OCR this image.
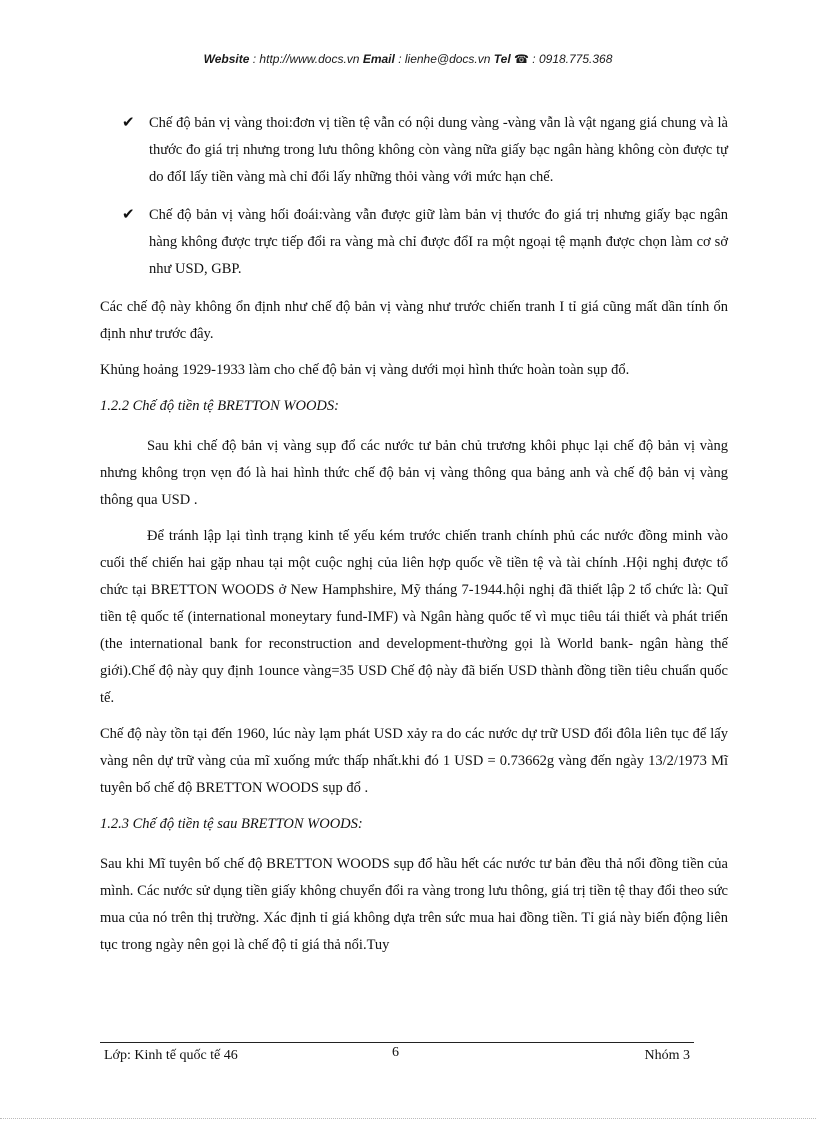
Website : http://www.docs.vn Email : lienhe@docs.vn Tel ☎ : 0918.775.368
✔ Chế độ bản vị vàng thoi:đơn vị tiền tệ vẫn có nội dung vàng -vàng vẫn là vật ngang giá chung và là thước đo giá trị nhưng trong lưu thông không còn vàng nữa giấy bạc ngân hàng không còn được tự do đổI lấy tiền vàng mà chỉ đổi lấy những thỏi vàng với mức hạn chế.

✔ Chế độ bản vị vàng hối đoái:vàng vẫn được giữ làm bản vị thước đo giá trị nhưng giấy bạc ngân hàng không được trực tiếp đổi ra vàng mà chỉ được đổI ra một ngoại tệ mạnh được chọn làm cơ sở như USD, GBP.

Các chế độ này không ổn định như chế độ bản vị vàng như trước chiến tranh I tỉ giá cũng mất dần tính ổn định như trước đây.

Khủng hoảng 1929-1933 làm cho chế độ bản vị vàng dưới mọi hình thức hoàn toàn sụp đổ.

1.2.2 Chế độ tiền tệ BRETTON WOODS:

Sau khi chế độ bản vị vàng sụp đổ các nước tư bản chủ trương khôi phục lại chế độ bản vị vàng nhưng không trọn vẹn đó là hai hình thức chế độ bản vị vàng thông qua bảng anh và chế độ bản vị vàng thông qua USD .

Để tránh lập lại tình trạng kinh tế yếu kém trước chiến tranh chính phủ các nước đồng minh vào cuối thế chiến hai gặp nhau tại một cuộc nghị của liên hợp quốc về tiền tệ và tài chính .Hội nghị được tổ chức tại BRETTON WOODS ở New Hamphshire, Mỹ tháng 7-1944.hội nghị đã thiết lập 2 tổ chức là: Quĩ tiền tệ quốc tế (international moneytary fund-IMF) và Ngân hàng quốc tế vì mục tiêu tái thiết và phát triển (the international bank for reconstruction and development-thường gọi là World bank- ngân hàng thế giới).Chế độ này quy định 1ounce vàng=35 USD Chế độ này đã biến USD thành đồng tiền tiêu chuẩn quốc tế.

Chế độ này tồn tại đến 1960, lúc này lạm phát USD xảy ra do các nước dự trữ USD đổi đôla liên tục để lấy vàng nên dự trữ vàng của mĩ xuống mức thấp nhất.khi đó 1 USD = 0.73662g vàng đến ngày 13/2/1973 Mĩ tuyên bố chế độ BRETTON WOODS sụp đổ .

1.2.3 Chế độ tiền tệ sau BRETTON WOODS:

Sau khi Mĩ tuyên bố chế độ BRETTON WOODS sụp đổ hầu hết các nước tư bản đều thả nổi đồng tiền của mình. Các nước sử dụng tiền giấy không chuyển đổi ra vàng trong lưu thông, giá trị tiền tệ thay đổi theo sức mua của nó trên thị trường. Xác định tỉ giá không dựa trên sức mua hai đồng tiền. Tỉ giá này biến động liên tục trong ngày nên gọi là chế độ tỉ giá thả nổi.Tuy

Lớp: Kinh tế quốc tế 46	6	Nhóm 3
